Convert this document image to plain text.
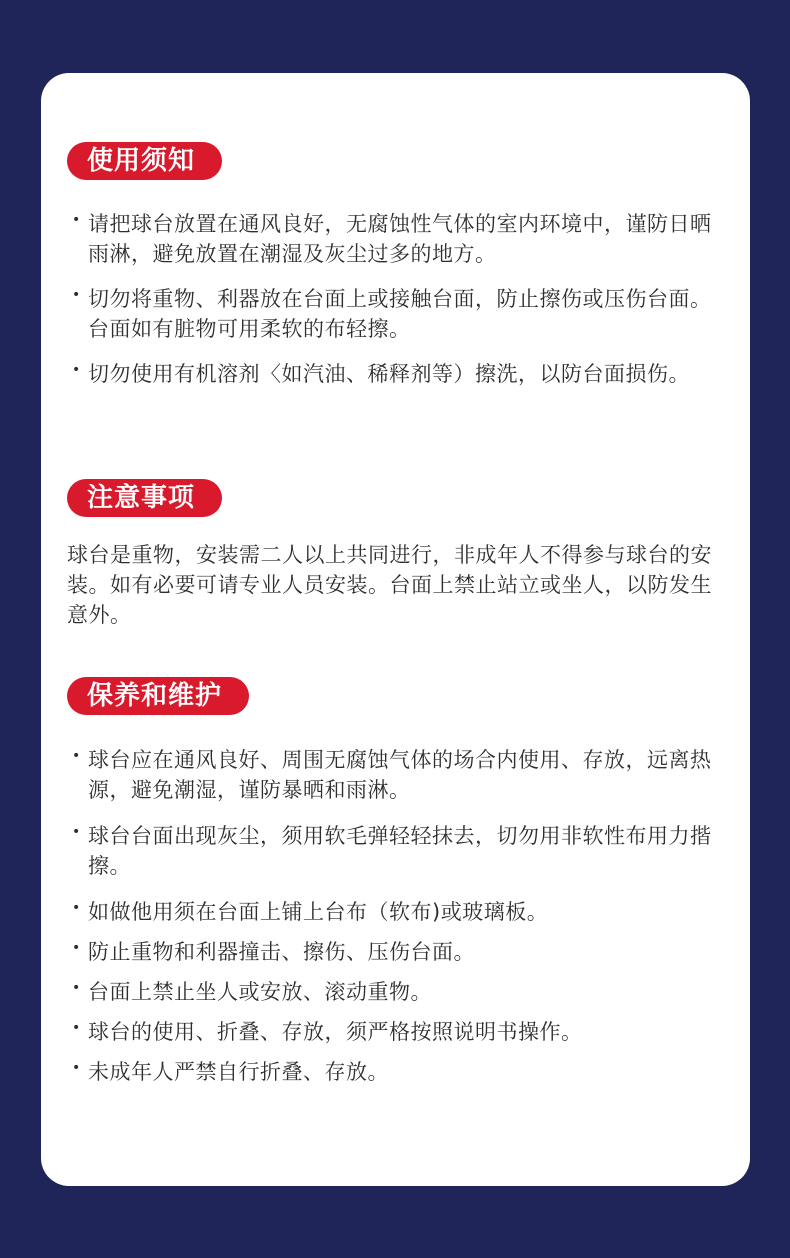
使用须知

• 请把球台放置在通风良好，无腐蚀性气体的室内环境中，谨防日晒雨淋，避免放置在潮湿及灰尘过多的地方。

• 切勿将重物、利器放在台面上或接触台面，防止擦伤或压伤台面。台面如有脏物可用柔软的布轻擦。

• 切勿使用有机溶剂〈如汽油、稀释剂等）擦洗，以防台面损伤。

注意事项

球台是重物，安装需二人以上共同进行，非成年人不得参与球台的安装。如有必要可请专业人员安装。台面上禁止站立或坐人，以防发生意外。

保养和维护

• 球台应在通风良好、周围无腐蚀气体的场合内使用、存放，远离热源，避免潮湿，谨防暴晒和雨淋。

• 球台台面出现灰尘，须用软毛弹轻轻抹去，切勿用非软性布用力揩擦。

• 如做他用须在台面上铺上台布（软布)或玻璃板。

• 防止重物和利器撞击、擦伤、压伤台面。

• 台面上禁止坐人或安放、滚动重物。

• 球台的使用、折叠、存放，须严格按照说明书操作。

• 未成年人严禁自行折叠、存放。
